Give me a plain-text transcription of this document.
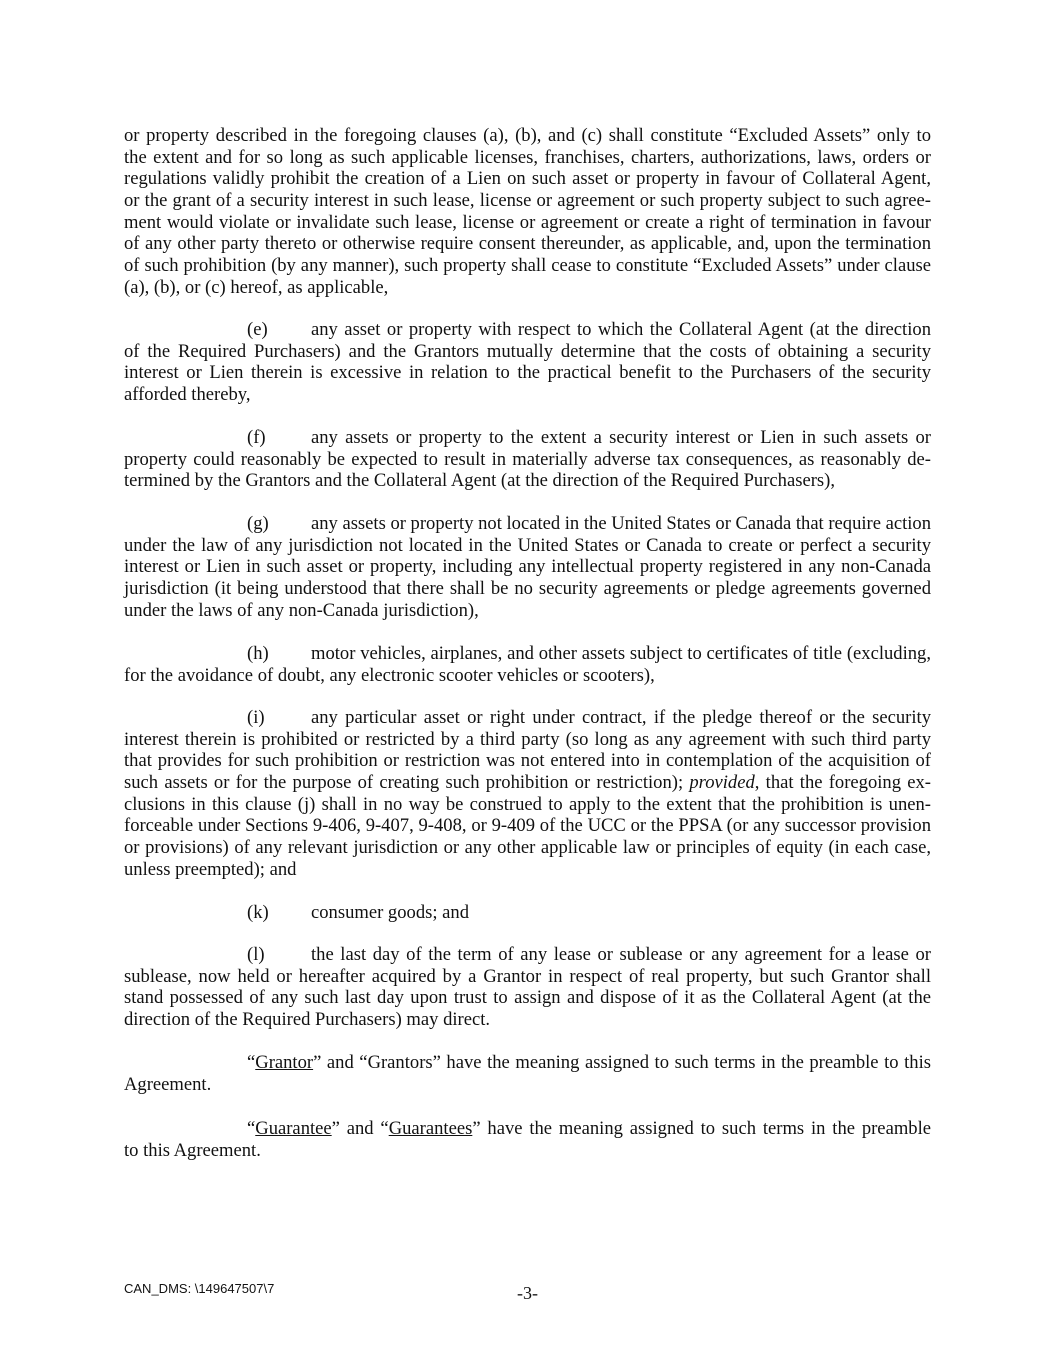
or property described in the foregoing clauses (a), (b), and (c) shall constitute “Excluded Assets” only to
the extent and for so long as such applicable licenses, franchises, charters, authorizations, laws, orders or
regulations validly prohibit the creation of a Lien on such asset or property in favour of Collateral Agent,
or the grant of a security interest in such lease, license or agreement or such property subject to such agree-
ment would violate or invalidate such lease, license or agreement or create a right of termination in favour
of any other party thereto or otherwise require consent thereunder, as applicable, and, upon the termination
of such prohibition (by any manner), such property shall cease to constitute “Excluded Assets” under clause
(a), (b), or (c) hereof, as applicable,
(e)	any asset or property with respect to which the Collateral Agent (at the direction
of the Required Purchasers) and the Grantors mutually determine that the costs of obtaining a security
interest or Lien therein is excessive in relation to the practical benefit to the Purchasers of the security
afforded thereby,
(f)	any assets or property to the extent a security interest or Lien in such assets or
property could reasonably be expected to result in materially adverse tax consequences, as reasonably de-
termined by the Grantors and the Collateral Agent (at the direction of the Required Purchasers),
(g)	any assets or property not located in the United States or Canada that require action
under the law of any jurisdiction not located in the United States or Canada to create or perfect a security
interest or Lien in such asset or property, including any intellectual property registered in any non-Canada
jurisdiction (it being understood that there shall be no security agreements or pledge agreements governed
under the laws of any non-Canada jurisdiction),
(h)	motor vehicles, airplanes, and other assets subject to certificates of title (excluding,
for the avoidance of doubt, any electronic scooter vehicles or scooters),
(i)	any particular asset or right under contract, if the pledge thereof or the security
interest therein is prohibited or restricted by a third party (so long as any agreement with such third party
that provides for such prohibition or restriction was not entered into in contemplation of the acquisition of
such assets or for the purpose of creating such prohibition or restriction); provided, that the foregoing ex-
clusions in this clause (j) shall in no way be construed to apply to the extent that the prohibition is unen-
forceable under Sections 9-406, 9-407, 9-408, or 9-409 of the UCC or the PPSA (or any successor provision
or provisions) of any relevant jurisdiction or any other applicable law or principles of equity (in each case,
unless preempted); and
(k)	consumer goods; and
(l)	the last day of the term of any lease or sublease or any agreement for a lease or
sublease, now held or hereafter acquired by a Grantor in respect of real property, but such Grantor shall
stand possessed of any such last day upon trust to assign and dispose of it as the Collateral Agent (at the
direction of the Required Purchasers) may direct.
“Grantor” and “Grantors” have the meaning assigned to such terms in the preamble to this
Agreement.
“Guarantee” and “Guarantees” have the meaning assigned to such terms in the preamble
to this Agreement.
CAN_DMS: \149647507\7	-3-
